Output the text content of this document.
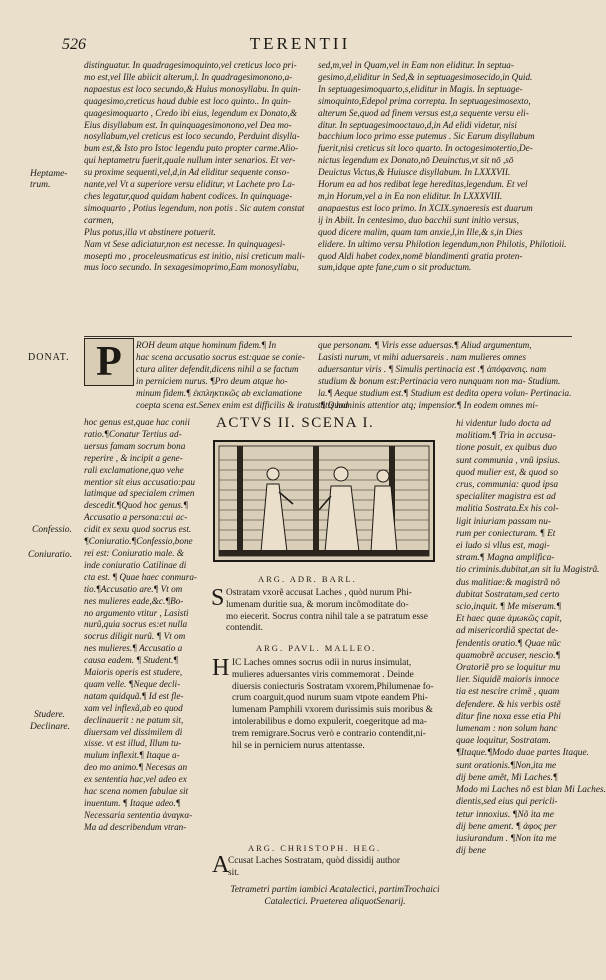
526	TERENTII
distinguatur. In quadragesimoquinto,vel creticus loco pri-
mo est,vel Ille abiicit alterum,l. In quadragesimonono,a-
napaestus est loco secundo,& Huius monosyllabu. In quin-
quagesimo,creticus haud dubie est loco quinto.. In quin-
quagesimoquarto , Credo ibi eius, legendum ex Donato,&
Eius disyllabum est. In quinquagesimonono,vel Dea mo-
nosyllabum,vel creticus est loco secundo, Perduint disylla-
bum est,& Isto pro Istoc legendu puto propter carme.Alio-
qui heptametru fuerit,quale nullum inter senarios. Et ver-
su proxime sequenti,vel,d,in Ad eliditur sequente conso-
nante,vel Vt a superiore versu eliditur, vt Lachete pro La-
ches legatur,quod quidam habent codices. In quinquage-
simoquarto , Potius legendum, non potis . Sic autem constat
carmen,
Plus potus,illa vt abstinere potuerit.
Nam vt Sese adiciatur,non est necesse. In quinquagesi-
mosepti mo , proceleusmaticus est initio, nisi creticum mali-
mus loco secundo. In sexagesimoprimo,Eam monosyllabu,
sed,m,vel in Quam,vel in Eam non eliditur. In septua-
gesimo,d,eliditur in Sed,& in septuagesimosecido,in Quid.
In septuagesimoquarto,s,eliditur in Magis. In septuage-
simoquinto,Edepol prima correpta. In septuagesimosexto,
alterum Se,quod ad finem versus est,a sequente versu eli-
ditur. In septuagesimooctauo,d,in Ad elidi videtur, nisi
bacchium loco primo esse putemus . Sic Earum disyllabum
fuerit,nisi creticus sit loco quarto. In octogesimotertio,De-
nictus legendum ex Donato,nō Deuinctus,vt sit nō ,sō
Deuictus Victus,& Huiusce disyllabum. In LXXXVII.
Horum ea ad hos redibat lege hereditas,legendum. Et vel
m,in Horum,vel a in Ea non eliditur. In LXXXVIII.
anapaestus est loco primo. In XCIX.synaeresis est duarum
ij in Abiit. In centesimo, duo bacchii sunt initio versus,
quod dicere malim, quam tam anxie,l,in Ille,& s,in Dies
elidere. In ultimo versu Philotion legendum,non Philotis, Philotioii.
quod Aldi habet codex,nomē blandimenti gratia proten-
sum,idque apte fane,cum o sit productum.
Heptame-
trum.
DONAT. P	ROH deum atque hominum fidem.¶ In
hac scena accusatio socrus est:quae se conie-
ctura aliter defendit,dicens nihil a se factum
in perniciem nurus. ¶Pro deum atque ho-
minum fidem.¶ ἐκπληκτικῶς ab exclamatione
coepta scena est.Senex enim est difficilis & iratus.¶ Quod
que personam. ¶ Viris esse aduersas.¶ Aliud argumentum,
Lasisti nurum, vt mihi aduersareis . nam mulieres omnes
aduersantur viris . ¶ Simulis pertinacia est .¶ ἀπόφανσις. nam
studium & bonum est:Pertinacia vero nunquam non ma- Studium.
la.¶ Aeque studium est.¶ Studium est dedita opera volun- Pertinacia.
tatis hominis attentior atq; impensior.¶ In eodem omnes mi-
hoc genus est,quae hac conii
ratio.¶Conatur Tertius ad-
uersus famam socrum bona
reperire , & incipit a gene-
rali exclamatione,quo vehe
mentior sit eius accusatio:pau
latimque ad specialem crimen
descedit.¶Quod hoc genus.¶
Accusatio a persona:cui ac-
cidit ex sexu quod socrus est.
¶Coniuratio.¶Confessio,bone
rei est: Coniuratio male. &
inde coniuratio Catilinae di
cta est. ¶ Quae haec conmura-
tio.¶Accusatio are.¶ Vt om
nes mulieres eade,&c.¶Bo-
no argumento vtitur , Lasisti
nurũ,quia socrus es:et nulla
socrus diligit nurũ. ¶ Vt om
nes mulieres.¶ Accusatio a
causa eadem. ¶ Student.¶
Maioris operis est studere,
quam velle. ¶Neque decli-
natam quidquã.¶ Id est fle-
xam vel inflexã,ab eo quod
declinauerit : ne patum sit,
diuersam vel dissimilem di
xisse. vt est illud, Illum tu-
mulum inflexit.¶ Itaque a-
deo mo animo.¶ Necesas an
ex sententia hac,vel adeo ex
hac scena nomen fabulae sit
inuentum. ¶ Itaque adeo.¶
Necessaria sententia ἀναγκα-
Ma ad describendum vtran-
Confessio.
Coniuratio.
Studere.
Declinare.
ACTVS II. SCENA I.
ARG. ADR. BARL.
S Ostratam vxorẽ accusat Laches , quòd nurum Phi-
lumenam duritie sua, & morum incõmoditate do-
mo eiecerit. Socrus contra nihil tale a se patratum esse
contendit.
ARG. PAVL. MALLEO.
H IC Laches omnes socrus odii in nurus insimulat,
mulieres aduersantes viris commemorat . Deinde
diuersis coniecturis Sostratam vxorem,Philumenae fo-
crum coarguit,quod nurum suam vtpote eandem Phi-
lumenam Pamphili vxorem durissimis suis moribus &
intolerabilibus e domo expulerit, coegeritque ad ma-
trem remigrare.Socrus verò e contrario contendit,ni-
hil se in perniciem nurus attentasse.
ARG. CHRISTOPH. HEG.
A
Ccusat Laches Sostratam, quòd dissidij author
sit.
Tetrametri partim iambici Acatalectici, partimTrochaici Catalectici. Praeterea aliquotSenarij.
hi videntur ludo docta ad
malitiam.¶ Tria in accusa-
tione posuit, ex quibus duo
sunt communia , vnũ ipsius.
quod mulier est, & quod so
crus, communia: quod ipsa
specialiter magistra est ad
malitia Sostrata.Ex his col-
ligit iniuriam passam nu-
rum per coniecturam. ¶ Et
ei ludo si vllus est, magi-
stram.¶ Magna amplifica-
tio criminis.dubitat,an sit lu Magistrã.
dus malitiae:& magistrã nõ
dubitat Sostratam,sed certo
scio,inquit. ¶ Me miseram.¶
Et haec quae ἀμωκῶς capit,
ad misericordiã spectat de-
fendentis oratio.¶ Quae nũc
quamobrẽ accuser, nescio.¶
Oratoriẽ pro se loquitur mu
lier. Siquidẽ maioris innoce
tia est nescire crimẽ , quam
defendere. & his verbis ostẽ
ditur fine noxa esse etia Phi
lumenam : non solum hanc
quae loquitur, Sostratam.
¶Itaque.¶Modo duae partes Itaque.
sunt orationis.¶Non,ita me
dij bene amẽt, Mi Laches.¶
Modo mi Laches nõ est blan Mi Laches.
dientis,sed eius qui pericli-
tetur innoxius. ¶Nõ ita me
dij bene ament. ¶ ἀφος per
iusiurandum . ¶Non ita me
dij bene
